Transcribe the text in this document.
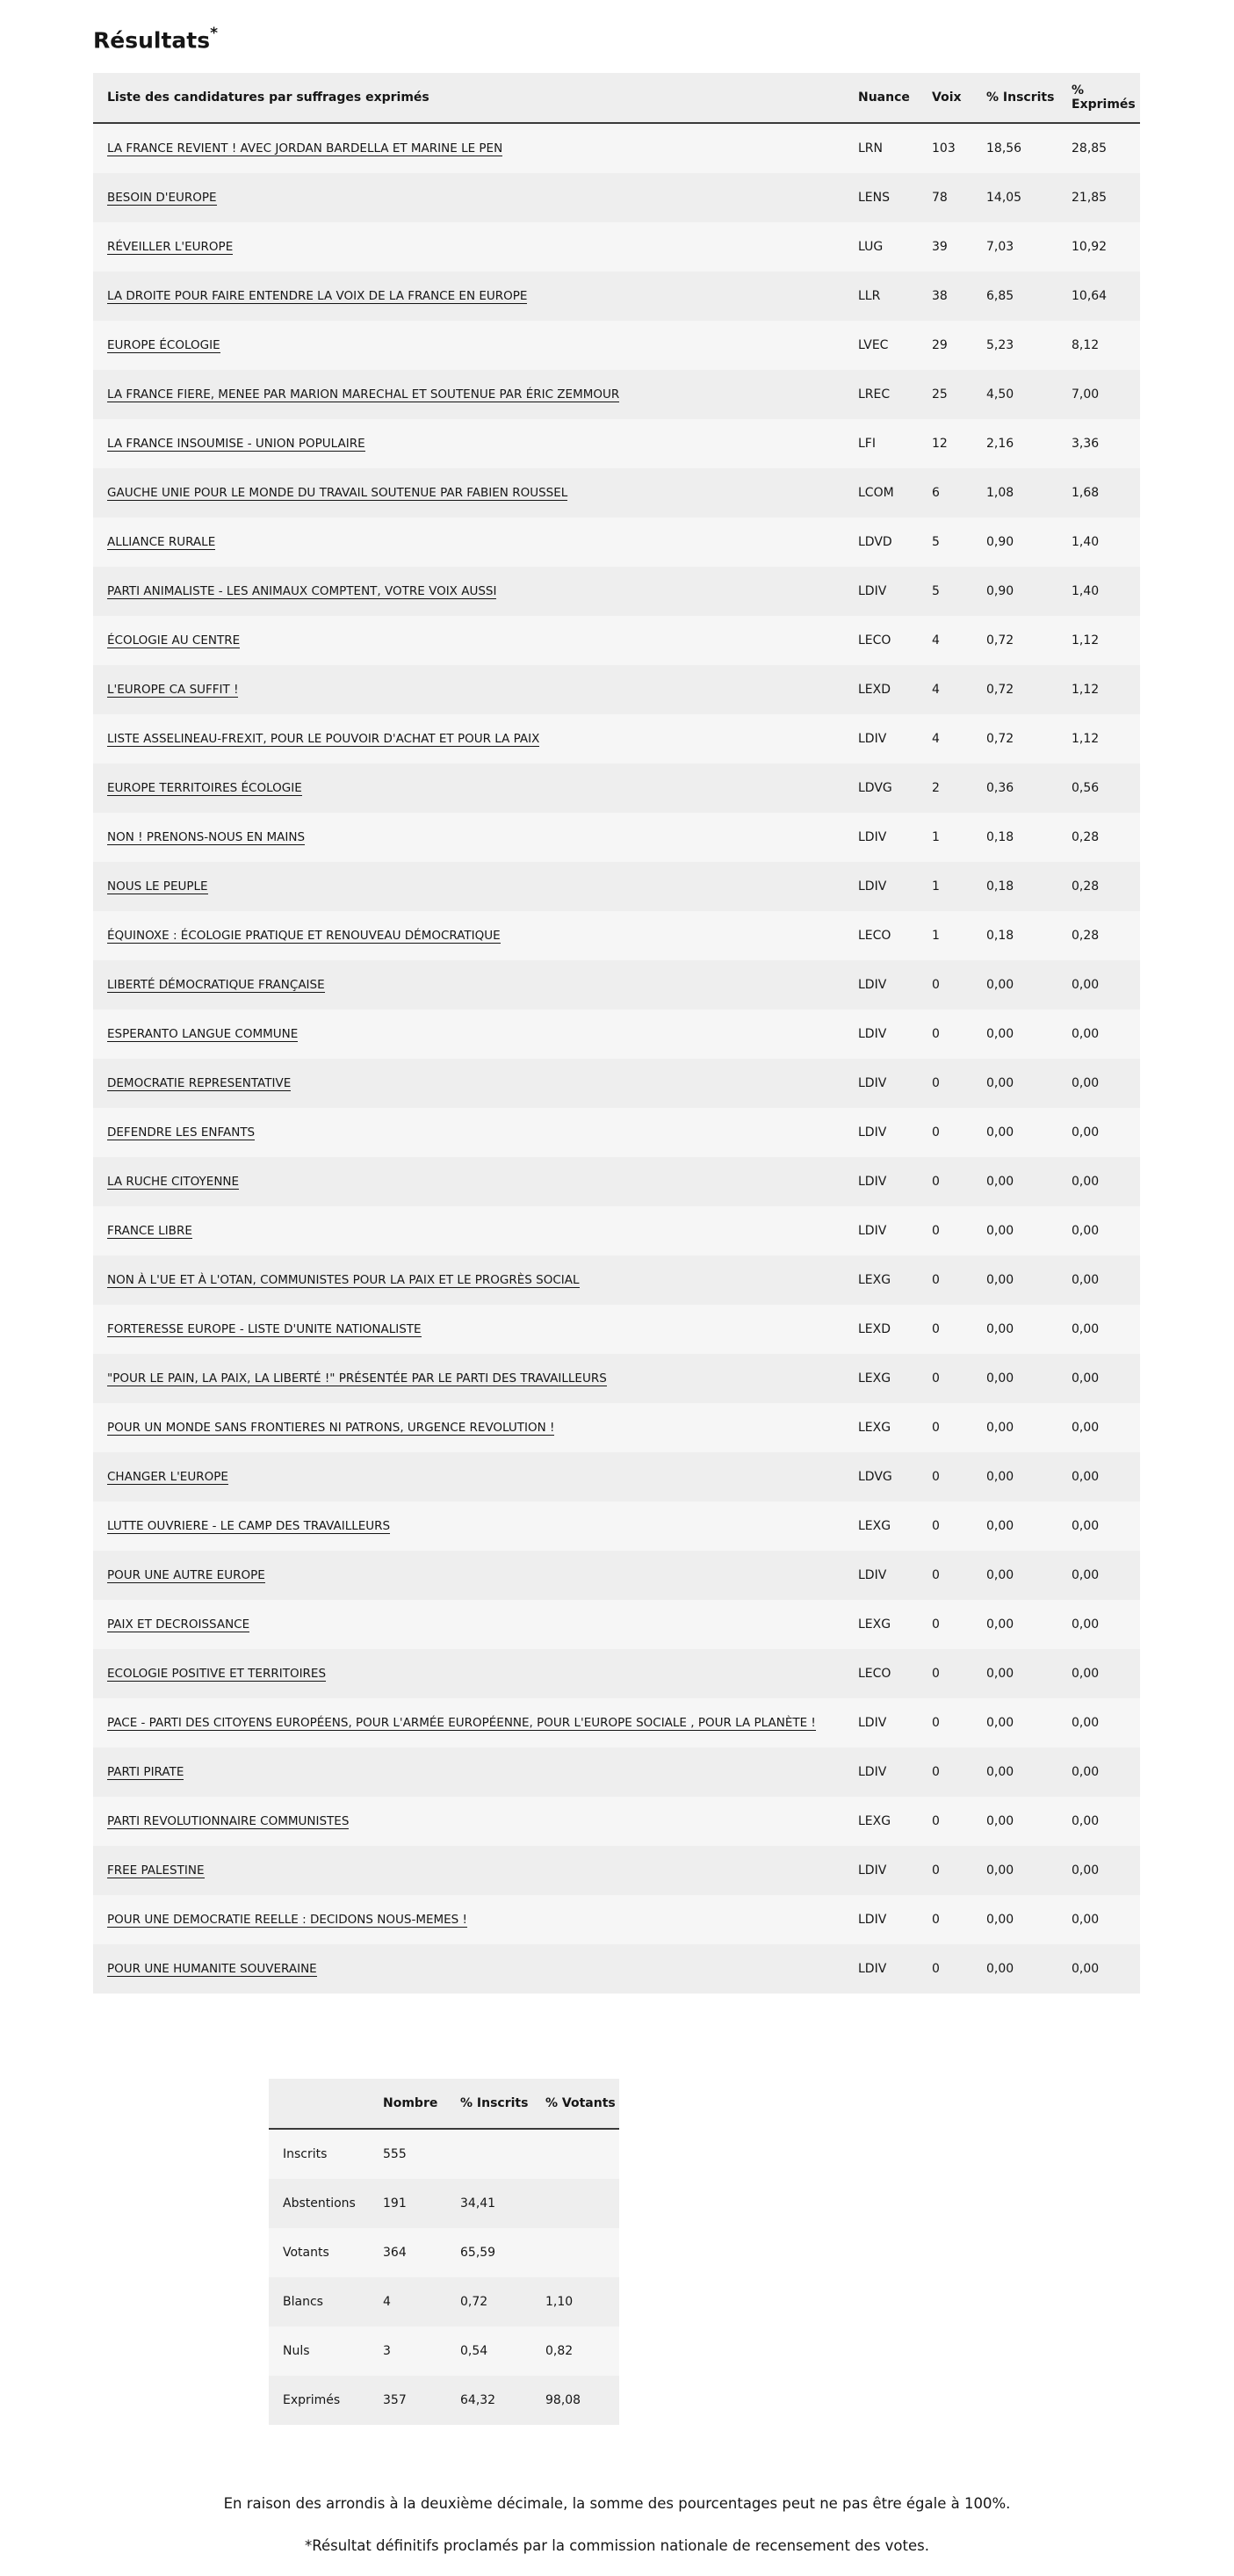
Résultats*
Liste des candidatures par suffrages exprimés	Nuance	Voix	% Inscrits	% Exprimés
LA FRANCE REVIENT ! AVEC JORDAN BARDELLA ET MARINE LE PEN	LRN	103	18,56	28,85
BESOIN D'EUROPE	LENS	78	14,05	21,85
RÉVEILLER L'EUROPE	LUG	39	7,03	10,92
LA DROITE POUR FAIRE ENTENDRE LA VOIX DE LA FRANCE EN EUROPE	LLR	38	6,85	10,64
EUROPE ÉCOLOGIE	LVEC	29	5,23	8,12
LA FRANCE FIERE, MENEE PAR MARION MARECHAL ET SOUTENUE PAR ÉRIC ZEMMOUR	LREC	25	4,50	7,00
LA FRANCE INSOUMISE - UNION POPULAIRE	LFI	12	2,16	3,36
GAUCHE UNIE POUR LE MONDE DU TRAVAIL SOUTENUE PAR FABIEN ROUSSEL	LCOM	6	1,08	1,68
ALLIANCE RURALE	LDVD	5	0,90	1,40
PARTI ANIMALISTE - LES ANIMAUX COMPTENT, VOTRE VOIX AUSSI	LDIV	5	0,90	1,40
ÉCOLOGIE AU CENTRE	LECO	4	0,72	1,12
L'EUROPE CA SUFFIT !	LEXD	4	0,72	1,12
LISTE ASSELINEAU-FREXIT, POUR LE POUVOIR D'ACHAT ET POUR LA PAIX	LDIV	4	0,72	1,12
EUROPE TERRITOIRES ÉCOLOGIE	LDVG	2	0,36	0,56
NON ! PRENONS-NOUS EN MAINS	LDIV	1	0,18	0,28
NOUS LE PEUPLE	LDIV	1	0,18	0,28
ÉQUINOXE : ÉCOLOGIE PRATIQUE ET RENOUVEAU DÉMOCRATIQUE	LECO	1	0,18	0,28
LIBERTÉ DÉMOCRATIQUE FRANÇAISE	LDIV	0	0,00	0,00
ESPERANTO LANGUE COMMUNE	LDIV	0	0,00	0,00
DEMOCRATIE REPRESENTATIVE	LDIV	0	0,00	0,00
DEFENDRE LES ENFANTS	LDIV	0	0,00	0,00
LA RUCHE CITOYENNE	LDIV	0	0,00	0,00
FRANCE LIBRE	LDIV	0	0,00	0,00
NON À L'UE ET À L'OTAN, COMMUNISTES POUR LA PAIX ET LE PROGRÈS SOCIAL	LEXG	0	0,00	0,00
FORTERESSE EUROPE - LISTE D'UNITE NATIONALISTE	LEXD	0	0,00	0,00
"POUR LE PAIN, LA PAIX, LA LIBERTÉ !" PRÉSENTÉE PAR LE PARTI DES TRAVAILLEURS	LEXG	0	0,00	0,00
POUR UN MONDE SANS FRONTIERES NI PATRONS, URGENCE REVOLUTION !	LEXG	0	0,00	0,00
CHANGER L'EUROPE	LDVG	0	0,00	0,00
LUTTE OUVRIERE - LE CAMP DES TRAVAILLEURS	LEXG	0	0,00	0,00
POUR UNE AUTRE EUROPE	LDIV	0	0,00	0,00
PAIX ET DECROISSANCE	LEXG	0	0,00	0,00
ECOLOGIE POSITIVE ET TERRITOIRES	LECO	0	0,00	0,00
PACE - PARTI DES CITOYENS EUROPÉENS, POUR L'ARMÉE EUROPÉENNE, POUR L'EUROPE SOCIALE , POUR LA PLANÈTE !	LDIV	0	0,00	0,00
PARTI PIRATE	LDIV	0	0,00	0,00
PARTI REVOLUTIONNAIRE COMMUNISTES	LEXG	0	0,00	0,00
FREE PALESTINE	LDIV	0	0,00	0,00
POUR UNE DEMOCRATIE REELLE : DECIDONS NOUS-MEMES !	LDIV	0	0,00	0,00
POUR UNE HUMANITE SOUVERAINE	LDIV	0	0,00	0,00
	Nombre	% Inscrits	% Votants
Inscrits	555		
Abstentions	191	34,41	
Votants	364	65,59	
Blancs	4	0,72	1,10
Nuls	3	0,54	0,82
Exprimés	357	64,32	98,08

En raison des arrondis à la deuxième décimale, la somme des pourcentages peut ne pas être égale à 100%.

*Résultat définitifs proclamés par la commission nationale de recensement des votes.
